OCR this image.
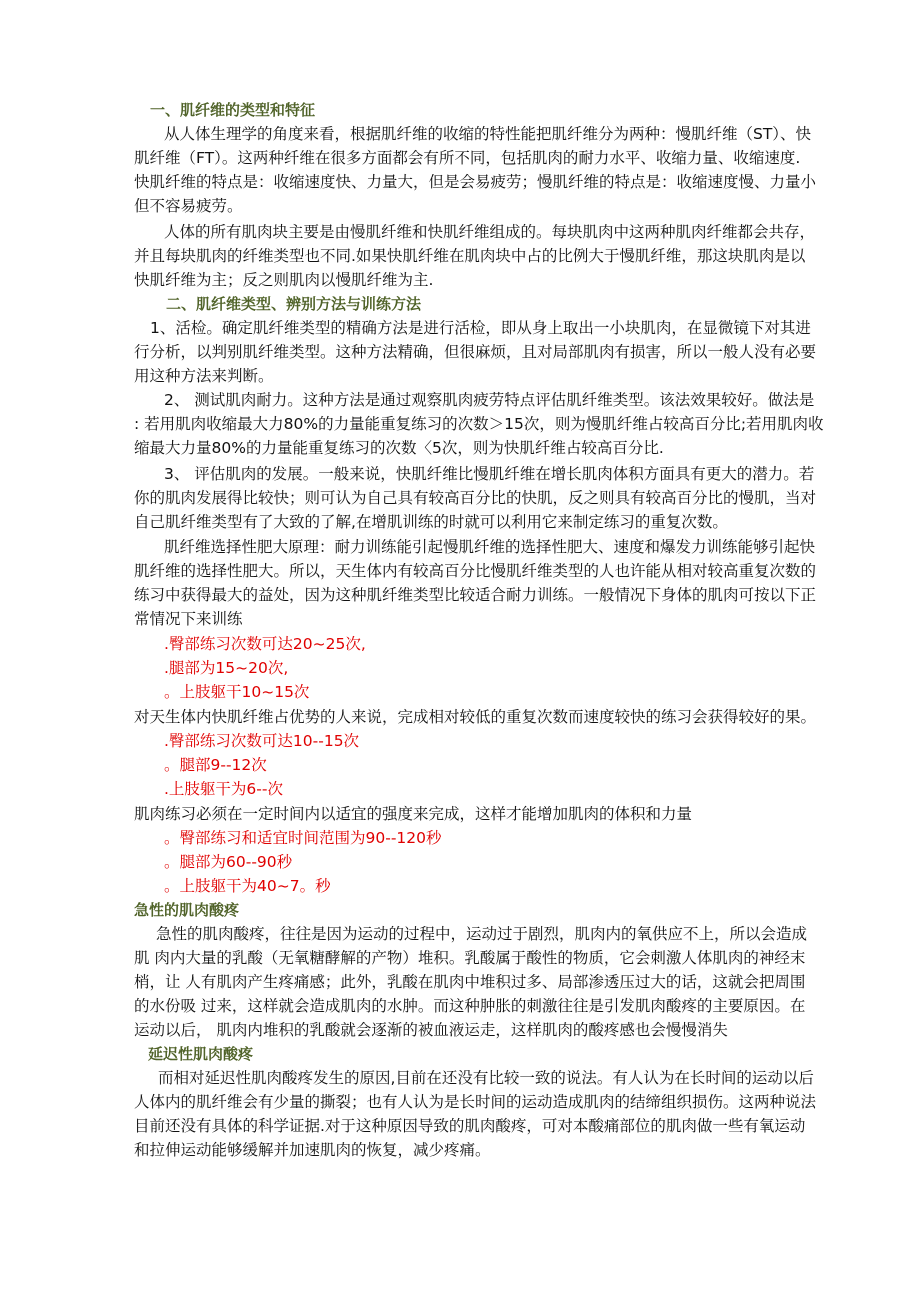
一、肌纤维的类型和特征
从人体生理学的角度来看，根据肌纤维的收缩的特性能把肌纤维分为两种：慢肌纤维（ST）、快
肌纤维（FT）。这两种纤维在很多方面都会有所不同，包括肌肉的耐力水平、收缩力量、收缩速度.
快肌纤维的特点是：收缩速度快、力量大，但是会易疲劳；慢肌纤维的特点是：收缩速度慢、力量小
但不容易疲劳。
人体的所有肌肉块主要是由慢肌纤维和快肌纤维组成的。每块肌肉中这两种肌肉纤维都会共存，
并且每块肌肉的纤维类型也不同.如果快肌纤维在肌肉块中占的比例大于慢肌纤维，那这块肌肉是以
快肌纤维为主；反之则肌肉以慢肌纤维为主.
二、肌纤维类型、辨别方法与训练方法
1、活检。确定肌纤维类型的精确方法是进行活检，即从身上取出一小块肌肉，在显微镜下对其进
行分析，以判别肌纤维类型。这种方法精确，但很麻烦，且对局部肌肉有损害，所以一般人没有必要
用这种方法来判断。
2、 测试肌肉耐力。这种方法是通过观察肌肉疲劳特点评估肌纤维类型。该法效果较好。做法是
: 若用肌肉收缩最大力80%的力量能重复练习的次数＞15次，则为慢肌纤维占较高百分比;若用肌肉收
缩最大力量80%的力量能重复练习的次数〈5次，则为快肌纤维占较高百分比.
3、 评估肌肉的发展。一般来说，快肌纤维比慢肌纤维在增长肌肉体积方面具有更大的潜力。若
你的肌肉发展得比较快；则可认为自己具有较高百分比的快肌，反之则具有较高百分比的慢肌，当对
自己肌纤维类型有了大致的了解,在增肌训练的时就可以利用它来制定练习的重复次数。
肌纤维选择性肥大原理：耐力训练能引起慢肌纤维的选择性肥大、速度和爆发力训练能够引起快
肌纤维的选择性肥大。所以，天生体内有较高百分比慢肌纤维类型的人也许能从相对较高重复次数的
练习中获得最大的益处，因为这种肌纤维类型比较适合耐力训练。一般情况下身体的肌肉可按以下正
常情况下来训练
.臀部练习次数可达20~25次,
.腿部为15~20次,
。上肢躯干10~15次
对天生体内快肌纤维占优势的人来说，完成相对较低的重复次数而速度较快的练习会获得较好的果。
.臀部练习次数可达10--15次
。腿部9--12次
.上肢躯干为6--次
肌肉练习必须在一定时间内以适宜的强度来完成，这样才能增加肌肉的体积和力量
。臀部练习和适宜时间范围为90--120秒
。腿部为60--90秒
。上肢躯干为40~7。秒
急性的肌肉酸疼
急性的肌肉酸疼，往往是因为运动的过程中，运动过于剧烈，肌肉内的氧供应不上，所以会造成
肌 肉内大量的乳酸（无氧糖酵解的产物）堆积。乳酸属于酸性的物质，它会刺激人体肌肉的神经末
梢，让 人有肌肉产生疼痛感；此外，乳酸在肌肉中堆积过多、局部渗透压过大的话，这就会把周围
的水份吸 过来，这样就会造成肌肉的水肿。而这种肿胀的刺激往往是引发肌肉酸疼的主要原因。在
运动以后， 肌肉内堆积的乳酸就会逐渐的被血液运走，这样肌肉的酸疼感也会慢慢消失
延迟性肌肉酸疼
而相对延迟性肌肉酸疼发生的原因,目前在还没有比较一致的说法。有人认为在长时间的运动以后
人体内的肌纤维会有少量的撕裂；也有人认为是长时间的运动造成肌肉的结缔组织损伤。这两种说法
目前还没有具体的科学证据.对于这种原因导致的肌肉酸疼，可对本酸痛部位的肌肉做一些有氧运动
和拉伸运动能够缓解并加速肌肉的恢复，减少疼痛。
